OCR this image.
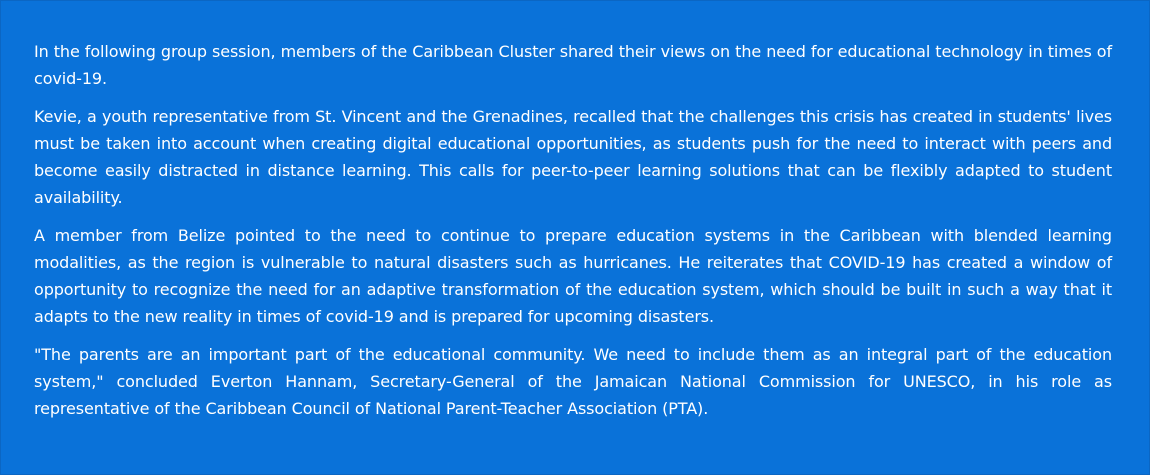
In the following group session, members of the Caribbean Cluster shared their views on the need for educational technology in times of covid-19.

Kevie, a youth representative from St. Vincent and the Grenadines, recalled that the challenges this crisis has created in students' lives must be taken into account when creating digital educational opportunities, as students push for the need to interact with peers and become easily distracted in distance learning. This calls for peer-to-peer learning solutions that can be flexibly adapted to student availability.

A member from Belize pointed to the need to continue to prepare education systems in the Caribbean with blended learning modalities, as the region is vulnerable to natural disasters such as hurricanes. He reiterates that COVID-19 has created a window of opportunity to recognize the need for an adaptive transformation of the education system, which should be built in such a way that it adapts to the new reality in times of covid-19 and is prepared for upcoming disasters.

"The parents are an important part of the educational community. We need to include them as an integral part of the education system," concluded Everton Hannam, Secretary-General of the Jamaican National Commission for UNESCO, in his role as representative of the Caribbean Council of National Parent-Teacher Association (PTA).
